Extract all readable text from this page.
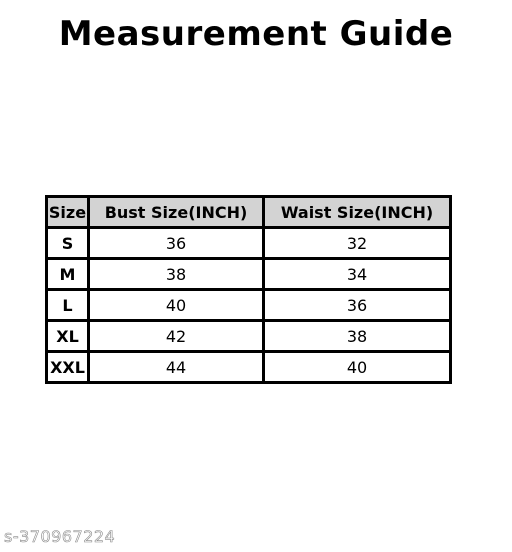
Measurement Guide
Size	Bust Size(INCH)	Waist Size(INCH)
S	36	32
M	38	34
L	40	36
XL	42	38
XXL	44	40
s-370967224
